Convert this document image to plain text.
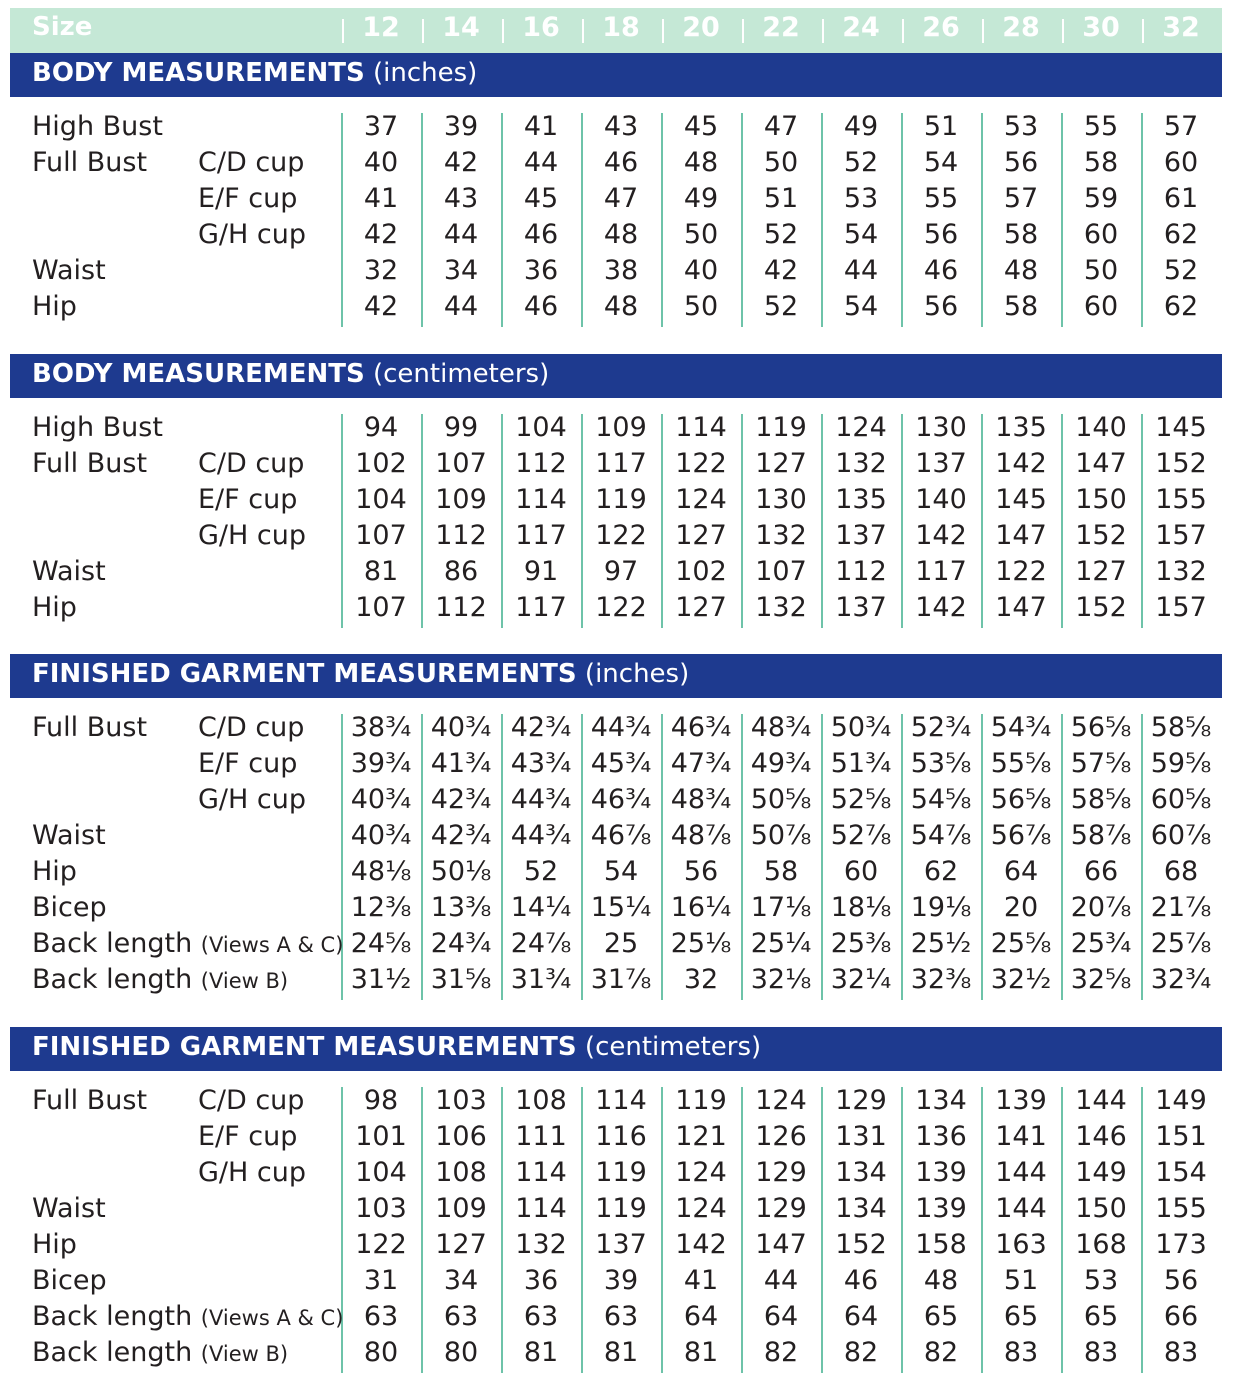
Size	12	14	16	18	20	22	24	26	28	30	32
BODY MEASUREMENTS (inches)
High Bust	37	39	41	43	45	47	49	51	53	55	57
Full Bust C/D cup	40	42	44	46	48	50	52	54	56	58	60
E/F cup	41	43	45	47	49	51	53	55	57	59	61
G/H cup	42	44	46	48	50	52	54	56	58	60	62
Waist	32	34	36	38	40	42	44	46	48	50	52
Hip	42	44	46	48	50	52	54	56	58	60	62
BODY MEASUREMENTS (centimeters)
High Bust	94	99	104	109	114	119	124	130	135	140	145
Full Bust C/D cup	102	107	112	117	122	127	132	137	142	147	152
E/F cup	104	109	114	119	124	130	135	140	145	150	155
G/H cup	107	112	117	122	127	132	137	142	147	152	157
Waist	81	86	91	97	102	107	112	117	122	127	132
Hip	107	112	117	122	127	132	137	142	147	152	157
FINISHED GARMENT MEASUREMENTS (inches)
Full Bust C/D cup	38¾ 40¾ 42¾ 44¾ 46¾ 48¾ 50¾ 52¾ 54¾ 56⅝ 58⅝
E/F cup	39¾ 41¾ 43¾ 45¾ 47¾ 49¾ 51¾ 53⅝ 55⅝ 57⅝ 59⅝
G/H cup	40¾ 42¾ 44¾ 46¾ 48¾ 50⅝ 52⅝ 54⅝ 56⅝ 58⅝ 60⅝
Waist	40¾ 42¾ 44¾ 46⅞ 48⅞ 50⅞ 52⅞ 54⅞ 56⅞ 58⅞ 60⅞
Hip	48⅛ 50⅛	52	54	56	58	60	62	64	66	68
Bicep	12⅜ 13⅜ 14¼ 15¼ 16¼ 17⅛ 18⅛ 19⅛	20	20⅞ 21⅞
Back length (Views A & C) 24⅝ 24¾ 24⅞	25	25⅛ 25¼ 25⅜ 25½ 25⅝ 25¾ 25⅞
Back length (View B)	31½ 31⅝ 31¾ 31⅞	32	32⅛ 32¼ 32⅜ 32½ 32⅝ 32¾
FINISHED GARMENT MEASUREMENTS (centimeters)
Full Bust C/D cup	98	103	108	114	119	124	129	134	139	144	149
E/F cup	101	106	111	116	121	126	131	136	141	146	151
G/H cup	104	108	114	119	124	129	134	139	144	149	154
Waist	103	109	114	119	124	129	134	139	144	150	155
Hip	122	127	132	137	142	147	152	158	163	168	173
Bicep	31	34	36	39	41	44	46	48	51	53	56
Back length (Views A & C) 63	63	63	63	64	64	64	65	65	65	66
Back length (View B)	80	80	81	81	81	82	82	82	83	83	83
